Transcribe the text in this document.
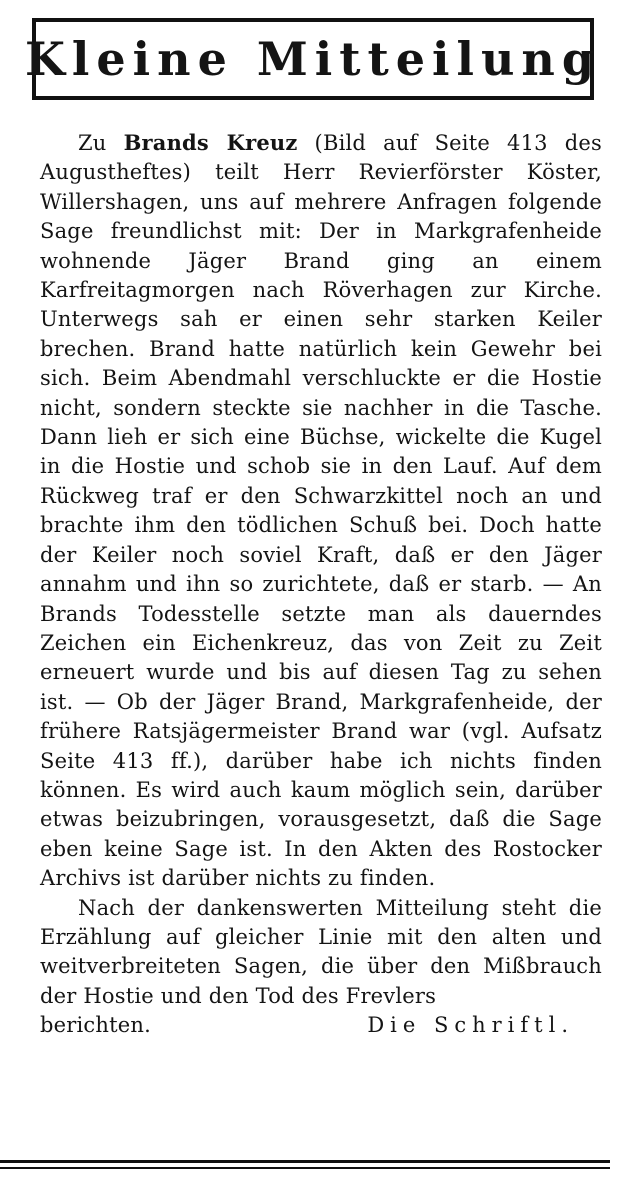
Kleine Mitteilung

Zu Brands Kreuz (Bild auf Seite 413 des Augustheftes) teilt Herr Revierförster Köster, Willershagen, uns auf mehrere Anfragen folgende Sage freundlichst mit: Der in Markgrafenheide wohnende Jäger Brand ging an einem Karfreitagmorgen nach Röverhagen zur Kirche. Unterwegs sah er einen sehr starken Keiler brechen. Brand hatte natürlich kein Gewehr bei sich. Beim Abendmahl verschluckte er die Hostie nicht, sondern steckte sie nachher in die Tasche. Dann lieh er sich eine Büchse, wickelte die Kugel in die Hostie und schob sie in den Lauf. Auf dem Rückweg traf er den Schwarzkittel noch an und brachte ihm den tödlichen Schuß bei. Doch hatte der Keiler noch soviel Kraft, daß er den Jäger annahm und ihn so zurichtete, daß er starb. — An Brands Todesstelle setzte man als dauerndes Zeichen ein Eichenkreuz, das von Zeit zu Zeit erneuert wurde und bis auf diesen Tag zu sehen ist. — Ob der Jäger Brand, Markgrafenheide, der frühere Ratsjägermeister Brand war (vgl. Aufsatz Seite 413 ff.), darüber habe ich nichts finden können. Es wird auch kaum möglich sein, darüber etwas beizubringen, vorausgesetzt, daß die Sage eben keine Sage ist. In den Akten des Rostocker Archivs ist darüber nichts zu finden.

Nach der dankenswerten Mitteilung steht die Erzählung auf gleicher Linie mit den alten und weitverbreiteten Sagen, die über den Mißbrauch der Hostie und den Tod des Frevlers

berichten.	Die Schriftl.
